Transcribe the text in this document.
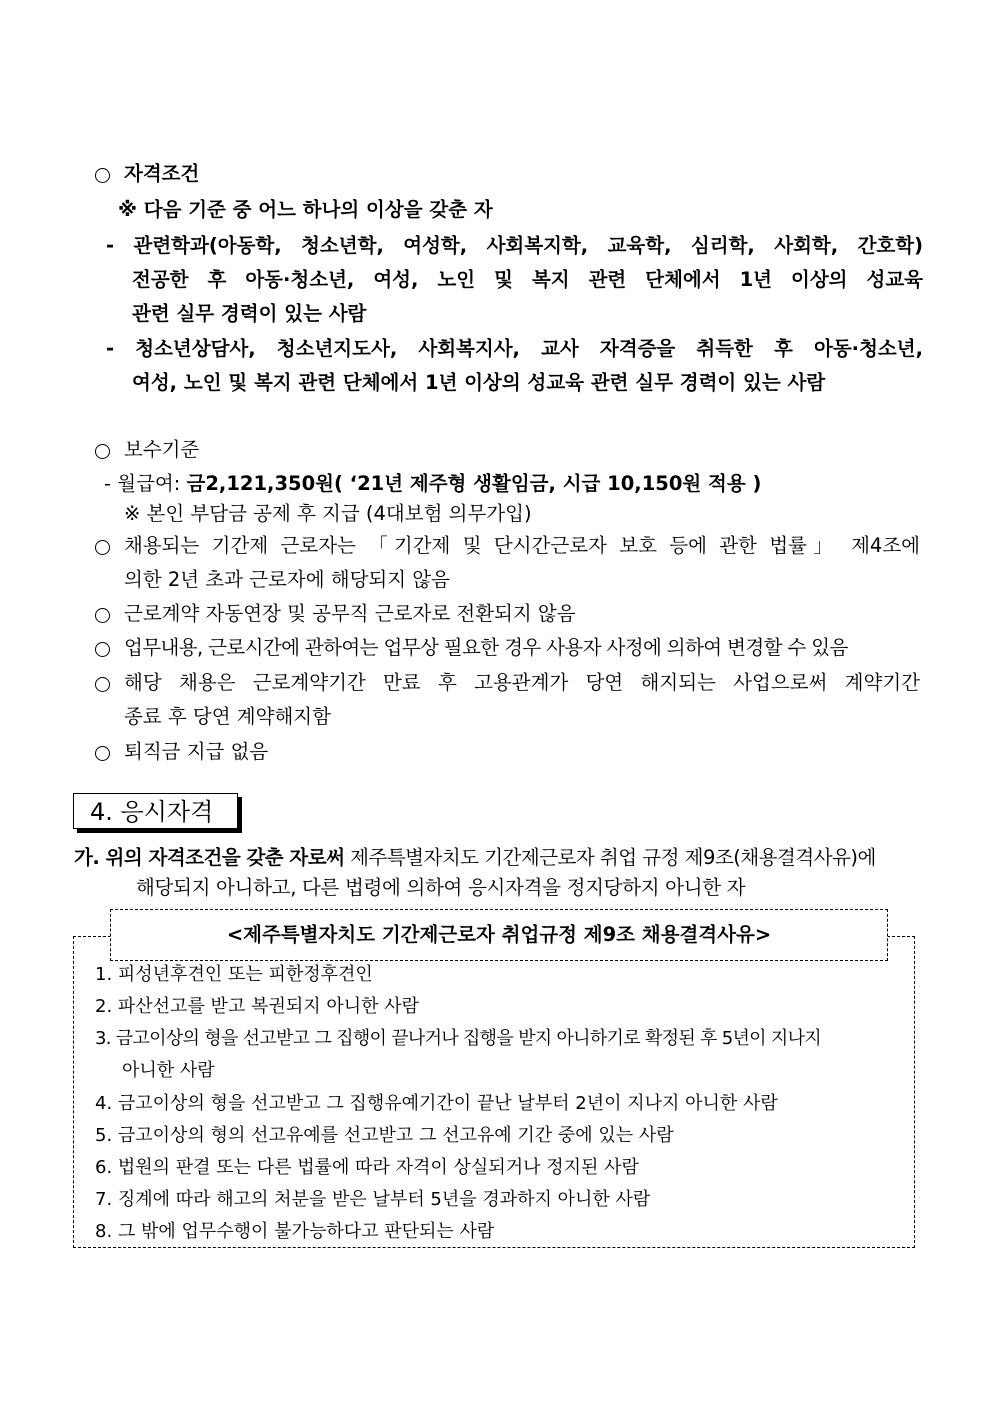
자격조건
※ 다음 기준 중 어느 하나의 이상을 갖춘 자
- 관련학과(아동학, 청소년학, 여성학, 사회복지학, 교육학, 심리학, 사회학, 간호학)
전공한 후 아동·청소년, 여성, 노인 및 복지 관련 단체에서 1년 이상의 성교육
관련 실무 경력이 있는 사람
- 청소년상담사, 청소년지도사, 사회복지사, 교사 자격증을 취득한 후 아동·청소년,
여성, 노인 및 복지 관련 단체에서 1년 이상의 성교육 관련 실무 경력이 있는 사람
보수기준
- 월급여: 금2,121,350원( ‘21년 제주형 생활임금, 시급 10,150원 적용 )
※ 본인 부담금 공제 후 지급 (4대보험 의무가입)
채용되는 기간제 근로자는 「기간제 및 단시간근로자 보호 등에 관한 법률」 제4조에
의한 2년 초과 근로자에 해당되지 않음
근로계약 자동연장 및 공무직 근로자로 전환되지 않음
업무내용, 근로시간에 관하여는 업무상 필요한 경우 사용자 사정에 의하여 변경할 수 있음
해당 채용은 근로계약기간 만료 후 고용관계가 당연 해지되는 사업으로써 계약기간
종료 후 당연 계약해지함
퇴직금 지급 없음
4. 응시자격
가. 위의 자격조건을 갖춘 자로써 제주특별자치도 기간제근로자 취업 규정 제9조(채용결격사유)에
해당되지 아니하고, 다른 법령에 의하여 응시자격을 정지당하지 아니한 자
<제주특별자치도 기간제근로자 취업규정 제9조 채용결격사유>
1. 피성년후견인 또는 피한정후견인
2. 파산선고를 받고 복권되지 아니한 사람
3. 금고이상의 형을 선고받고 그 집행이 끝나거나 집행을 받지 아니하기로 확정된 후 5년이 지나지
아니한 사람
4. 금고이상의 형을 선고받고 그 집행유예기간이 끝난 날부터 2년이 지나지 아니한 사람
5. 금고이상의 형의 선고유예를 선고받고 그 선고유예 기간 중에 있는 사람
6. 법원의 판결 또는 다른 법률에 따라 자격이 상실되거나 정지된 사람
7. 징계에 따라 해고의 처분을 받은 날부터 5년을 경과하지 아니한 사람
8. 그 밖에 업무수행이 불가능하다고 판단되는 사람
